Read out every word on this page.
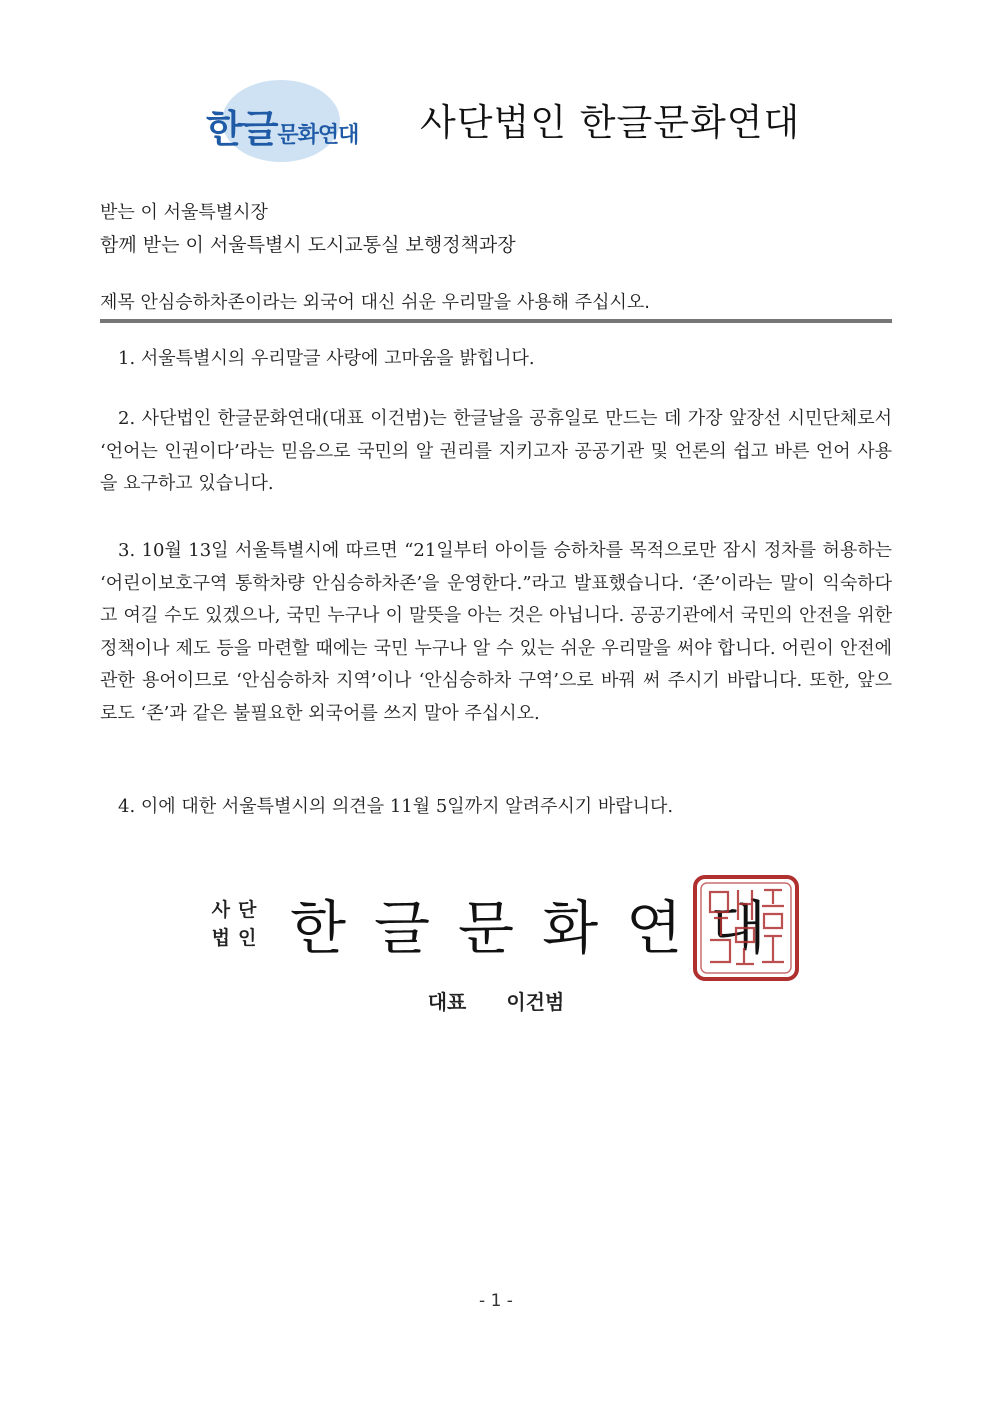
한글문화연대 사단법인 한글문화연대
받는 이 서울특별시장
함께 받는 이 서울특별시 도시교통실 보행정책과장
제목 안심승하차존이라는 외국어 대신 쉬운 우리말을 사용해 주십시오.
1. 서울특별시의 우리말글 사랑에 고마움을 밝힙니다.
2. 사단법인 한글문화연대(대표 이건범)는 한글날을 공휴일로 만드는 데 가장 앞장선 시민단체로서 ‘언어는 인권이다’라는 믿음으로 국민의 알 권리를 지키고자 공공기관 및 언론의 쉽고 바른 언어 사용을 요구하고 있습니다.
3. 10월 13일 서울특별시에 따르면 “21일부터 아이들 승하차를 목적으로만 잠시 정차를 허용하는 ‘어린이보호구역 통학차량 안심승하차존’을 운영한다.”라고 발표했습니다. ‘존’이라는 말이 익숙하다고 여길 수도 있겠으나, 국민 누구나 이 말뜻을 아는 것은 아닙니다. 공공기관에서 국민의 안전을 위한 정책이나 제도 등을 마련할 때에는 국민 누구나 알 수 있는 쉬운 우리말을 써야 합니다. 어린이 안전에 관한 용어이므로 ‘안심승하차 지역’이나 ‘안심승하차 구역’으로 바꿔 써 주시기 바랍니다. 또한, 앞으로도 ‘존’과 같은 불필요한 외국어를 쓰지 말아 주십시오.
4. 이에 대한 서울특별시의 의견을 11월 5일까지 알려주시기 바랍니다.
사단
법인 한글문화연대
대표 이건범
- 1 -
